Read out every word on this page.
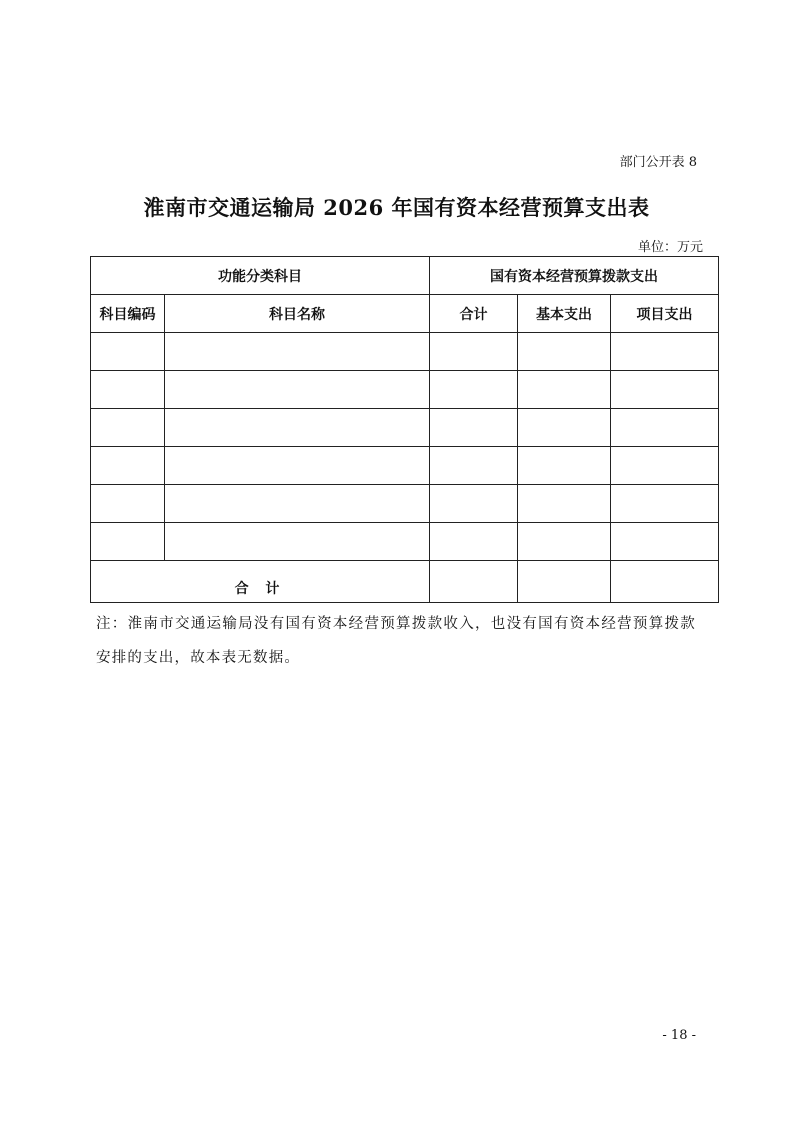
部门公开表 8
淮南市交通运输局 2026 年国有资本经营预算支出表
单位：万元
功能分类科目		国有资本经营预算拨款支出		
科目编码	科目名称	合计	基本支出	项目支出

合 计				
注：淮南市交通运输局没有国有资本经营预算拨款收入，也没有国有资本经营预算拨款安排的支出，故本表无数据。
- 18 -
